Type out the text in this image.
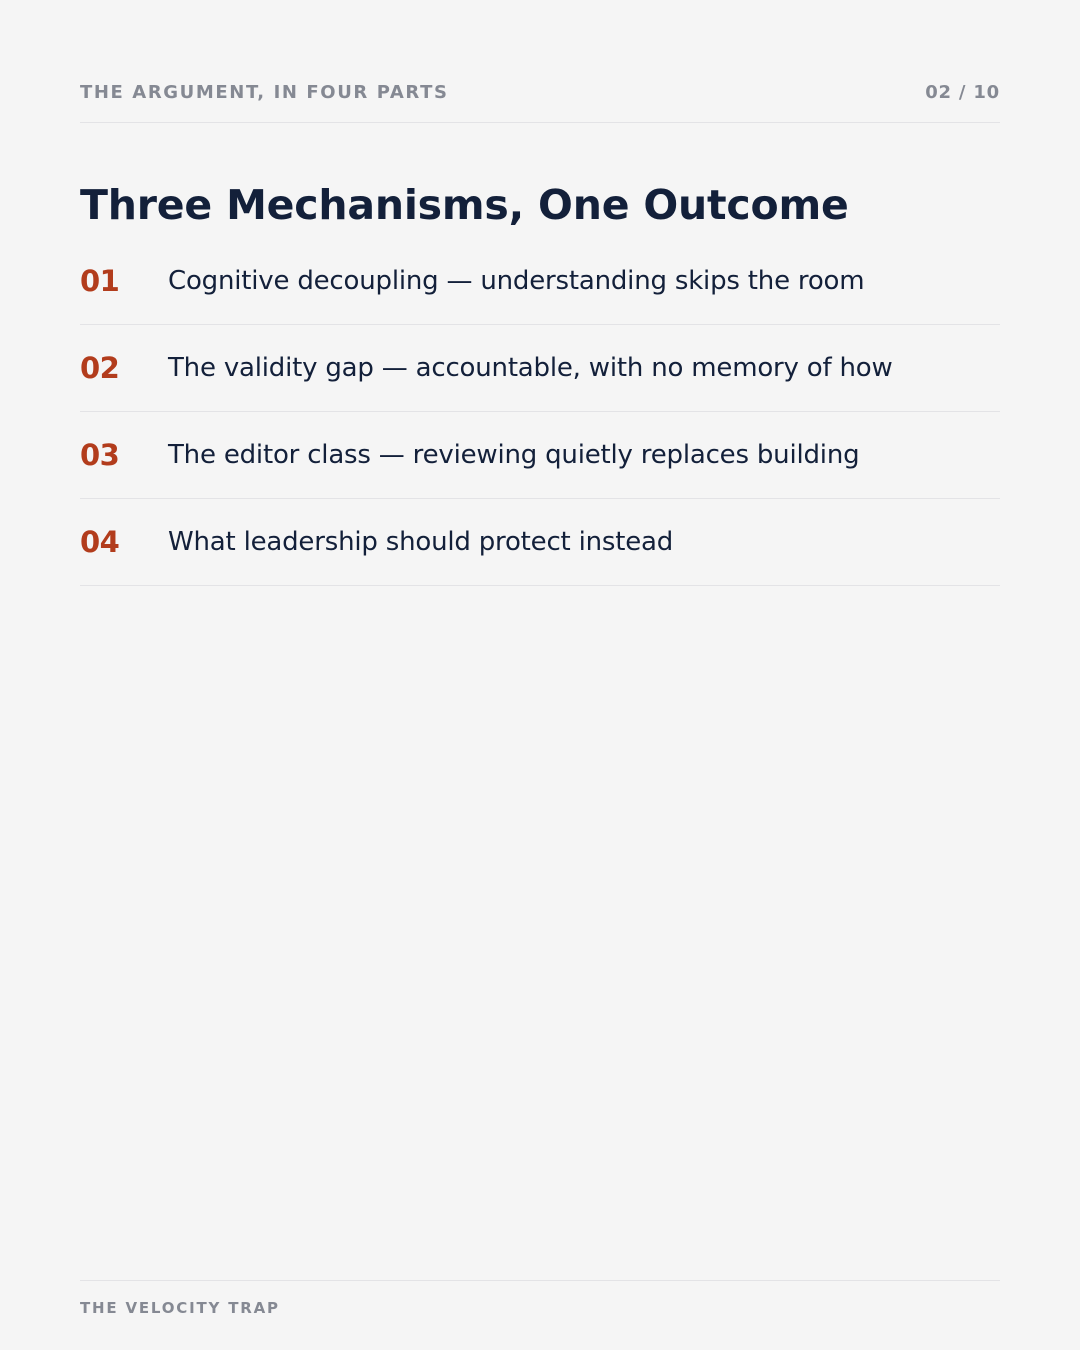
THE ARGUMENT, IN FOUR PARTS	02 / 10
Three Mechanisms, One Outcome
01	Cognitive decoupling — understanding skips the room
02	The validity gap — accountable, with no memory of how
03	The editor class — reviewing quietly replaces building
04	What leadership should protect instead
THE VELOCITY TRAP
